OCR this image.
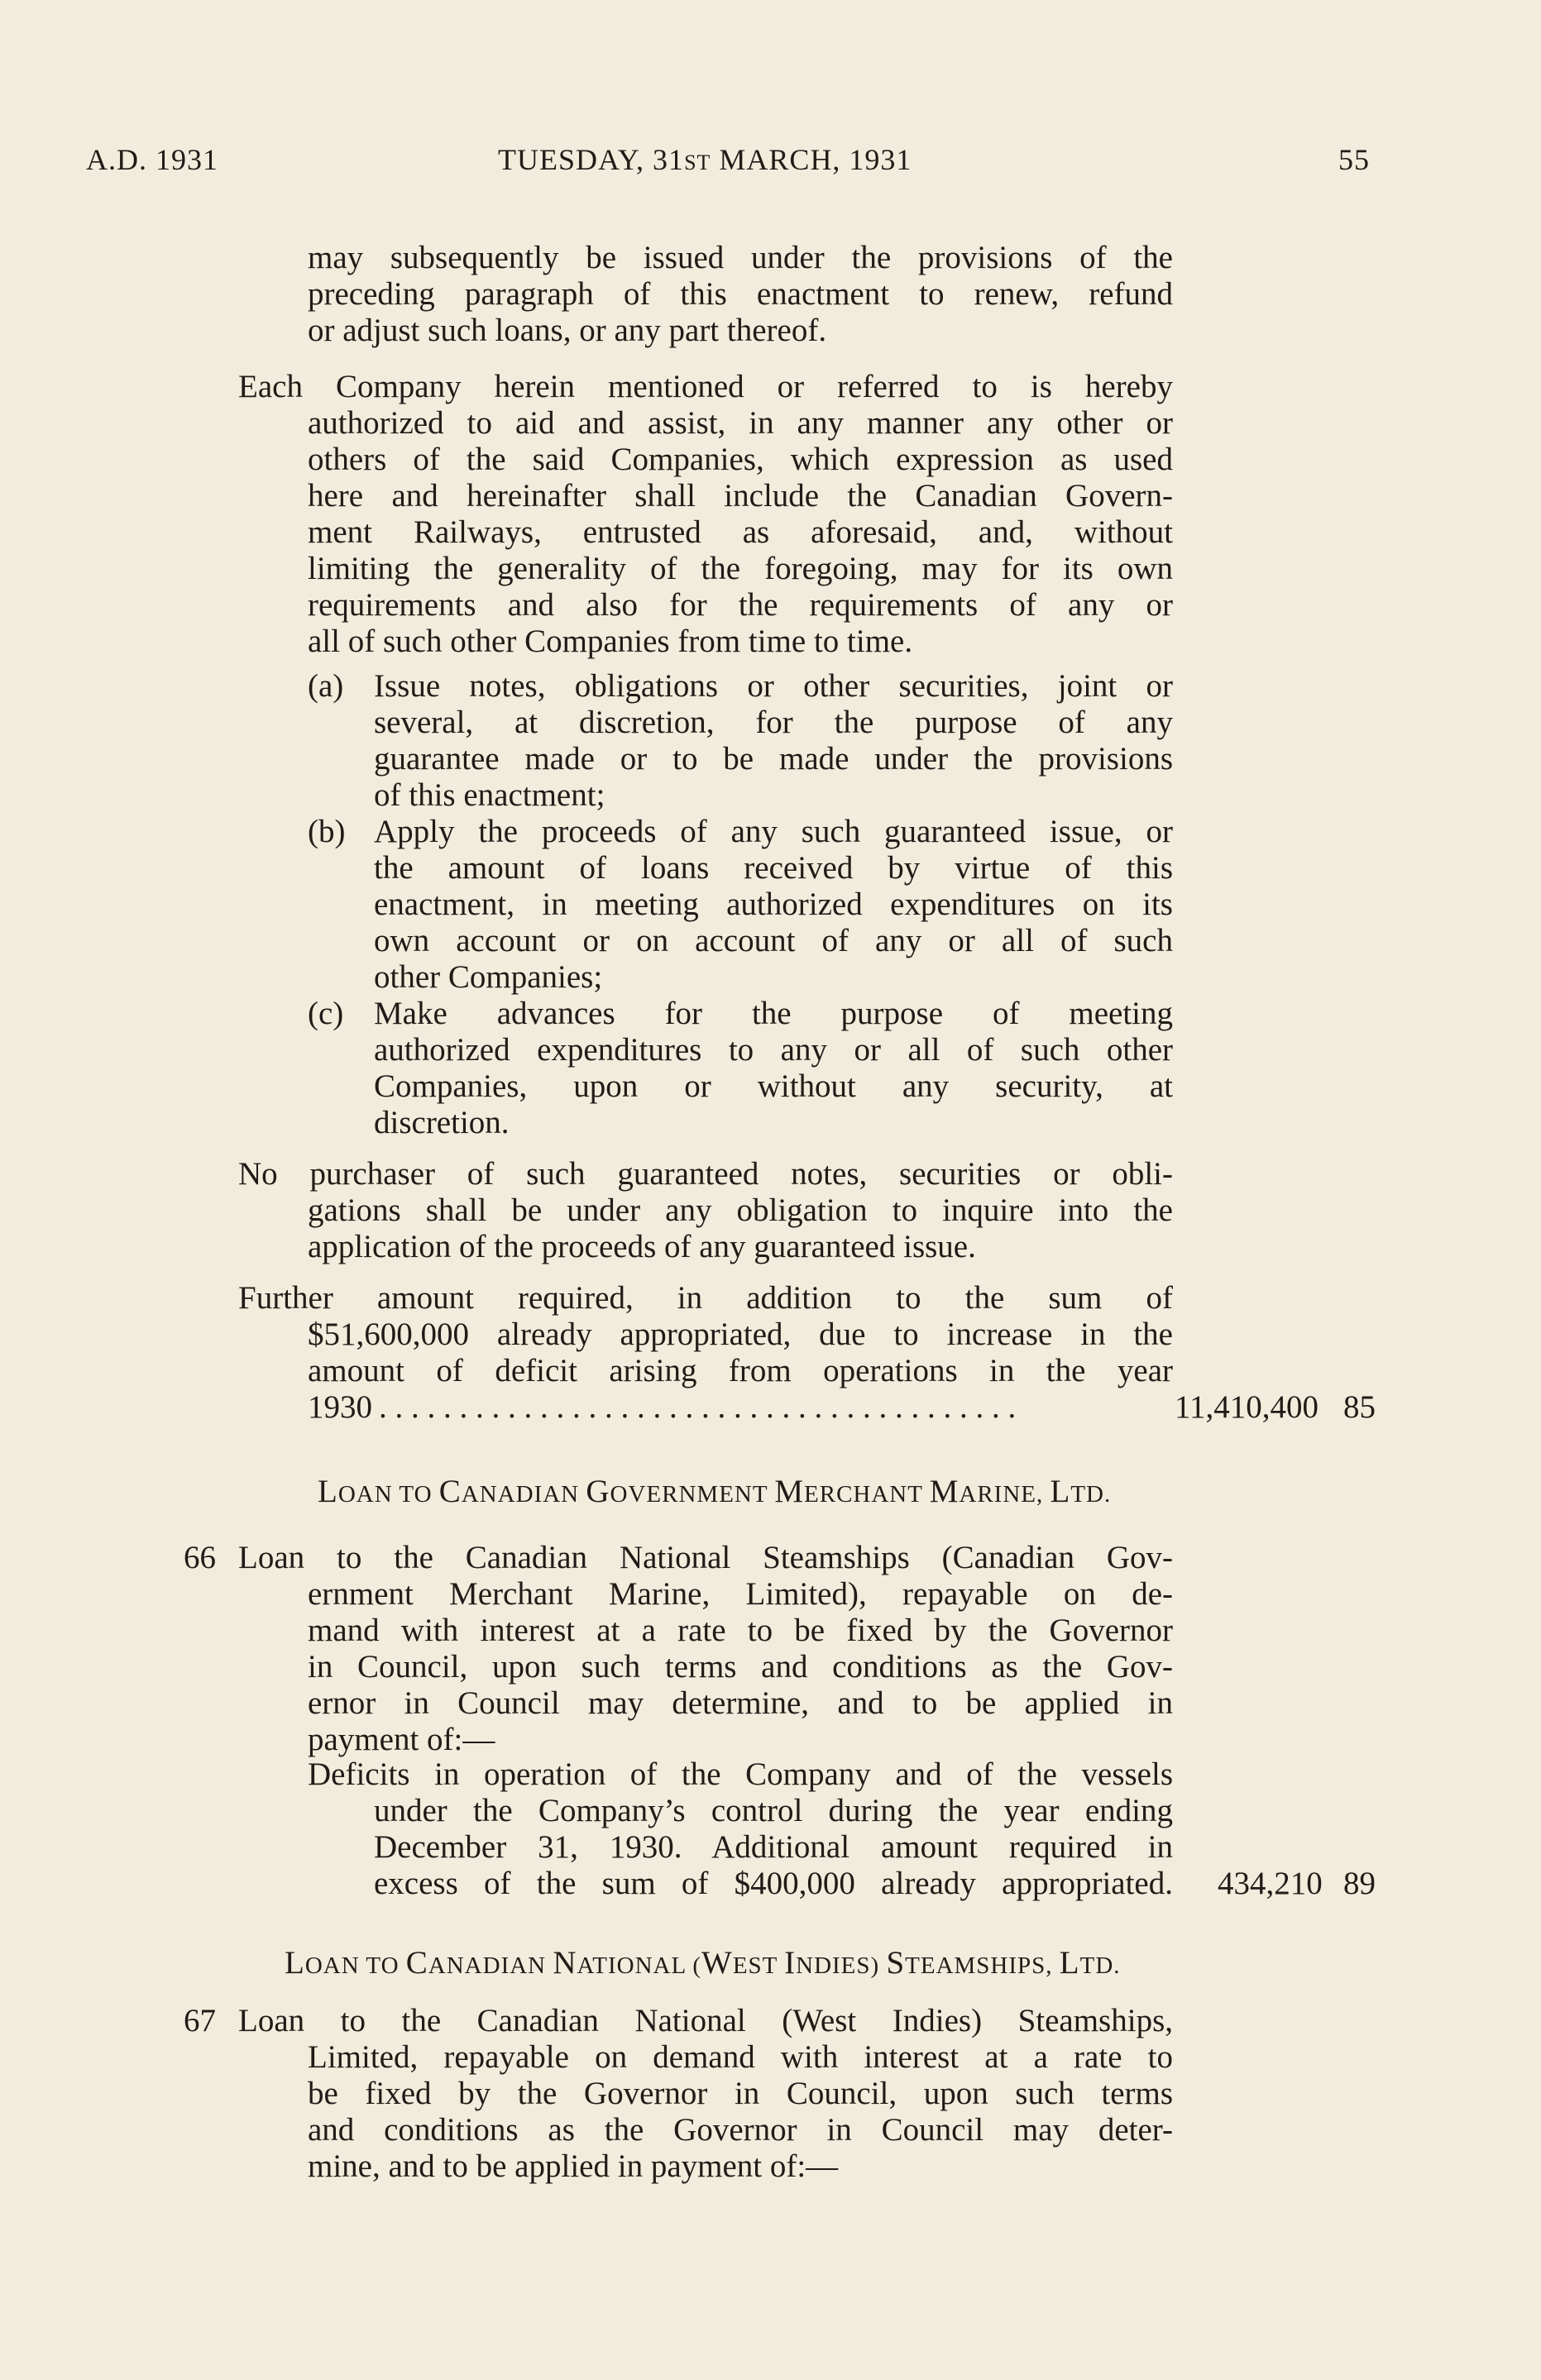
A.D. 1931	TUESDAY, 31ST MARCH, 1931	55
may subsequently be issued under the provisions of the
preceding paragraph of this enactment to renew, refund
or adjust such loans, or any part thereof.
Each Company herein mentioned or referred to is hereby
authorized to aid and assist, in any manner any other or
others of the said Companies, which expression as used
here and hereinafter shall include the Canadian Govern-
ment Railways, entrusted as aforesaid, and, without
limiting the generality of the foregoing, may for its own
requirements and also for the requirements of any or
all of such other Companies from time to time.
(a) Issue notes, obligations or other securities, joint or
several, at discretion, for the purpose of any
guarantee made or to be made under the provisions
of this enactment;
(b) Apply the proceeds of any such guaranteed issue, or
the amount of loans received by virtue of this
enactment, in meeting authorized expenditures on its
own account or on account of any or all of such
other Companies;
(c) Make advances for the purpose of meeting
authorized expenditures to any or all of such other
Companies, upon or without any security, at
discretion.
No purchaser of such guaranteed notes, securities or obli-
gations shall be under any obligation to inquire into the
application of the proceeds of any guaranteed issue.
Further amount required, in addition to the sum of
$51,600,000 already appropriated, due to increase in the
amount of deficit arising from operations in the year
1930 . . . . . . . . . . . . . . . . . . . . . . . . . . . . . . . . . . . . . . . .	11,410,400 85
LOAN TO CANADIAN GOVERNMENT MERCHANT MARINE, LTD.
66 Loan to the Canadian National Steamships (Canadian Gov-
ernment Merchant Marine, Limited), repayable on de-
mand with interest at a rate to be fixed by the Governor
in Council, upon such terms and conditions as the Gov-
ernor in Council may determine, and to be applied in
payment of:—
Deficits in operation of the Company and of the vessels
under the Company’s control during the year ending
December 31, 1930. Additional amount required in
excess of the sum of $400,000 already appropriated. 434,210 89
LOAN TO CANADIAN NATIONAL (WEST INDIES) STEAMSHIPS, LTD.
67 Loan to the Canadian National (West Indies) Steamships,
Limited, repayable on demand with interest at a rate to
be fixed by the Governor in Council, upon such terms
and conditions as the Governor in Council may deter-
mine, and to be applied in payment of:—
